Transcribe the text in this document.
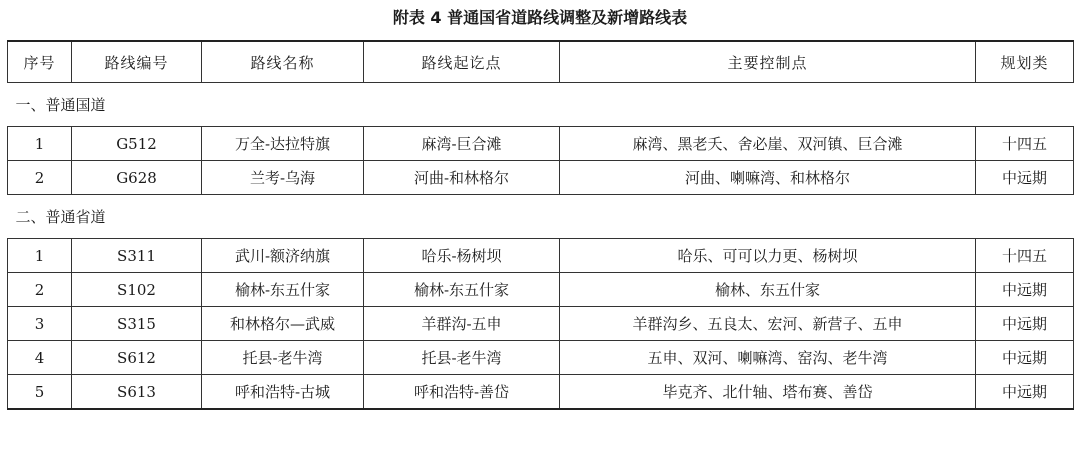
附表 4 普通国省道路线调整及新增路线表
序号	路线编号	路线名称	路线起讫点	主要控制点	规划类
一、普通国道					
1	G512	万全-达拉特旗	麻湾-巨合滩	麻湾、黑老夭、舍必崖、双河镇、巨合滩	十四五
2	G628	兰考-乌海	河曲-和林格尔	河曲、喇嘛湾、和林格尔	中远期
二、普通省道					
1	S311	武川-额济纳旗	哈乐-杨树坝	哈乐、可可以力更、杨树坝	十四五
2	S102	榆林-东五什家	榆林-东五什家	榆林、东五什家	中远期
3	S315	和林格尔—武威	羊群沟-五申	羊群沟乡、五良太、宏河、新营子、五申	中远期
4	S612	托县-老牛湾	托县-老牛湾	五申、双河、喇嘛湾、窑沟、老牛湾	中远期
5	S613	呼和浩特-古城	呼和浩特-善岱	毕克齐、北什轴、塔布赛、善岱	中远期
